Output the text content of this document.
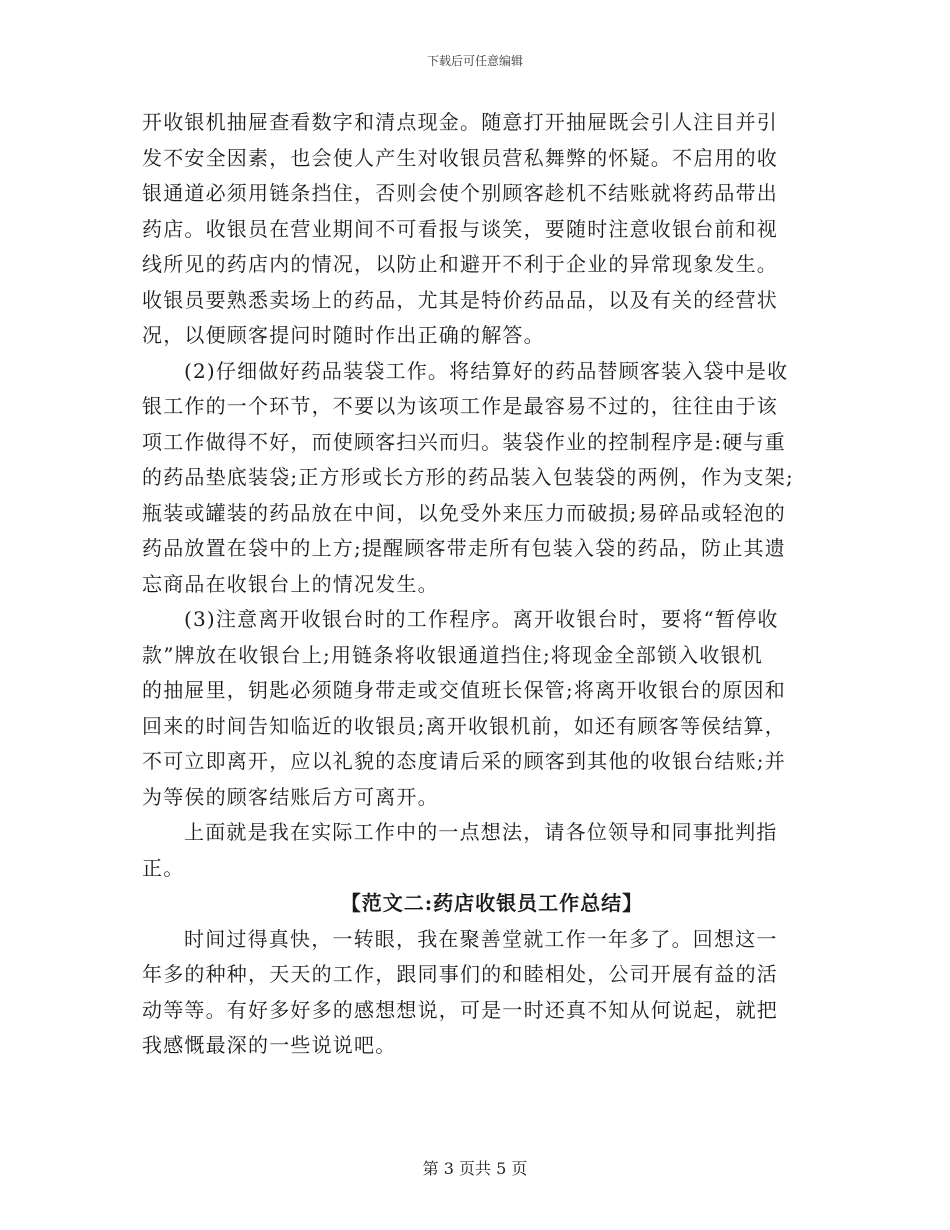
下载后可任意编辑
开收银机抽屉查看数字和清点现金。随意打开抽屉既会引人注目并引
发不安全因素，也会使人产生对收银员营私舞弊的怀疑。不启用的收
银通道必须用链条挡住，否则会使个别顾客趁机不结账就将药品带出
药店。收银员在营业期间不可看报与谈笑，要随时注意收银台前和视
线所见的药店内的情况，以防止和避开不利于企业的异常现象发生。
收银员要熟悉卖场上的药品，尤其是特价药品品，以及有关的经营状
况，以便顾客提问时随时作出正确的解答。
(2)仔细做好药品装袋工作。将结算好的药品替顾客装入袋中是收
银工作的一个环节，不要以为该项工作是最容易不过的，往往由于该
项工作做得不好，而使顾客扫兴而归。装袋作业的控制程序是:硬与重
的药品垫底装袋;正方形或长方形的药品装入包装袋的两例，作为支架;
瓶装或罐装的药品放在中间，以免受外来压力而破损;易碎品或轻泡的
药品放置在袋中的上方;提醒顾客带走所有包装入袋的药品，防止其遗
忘商品在收银台上的情况发生。
(3)注意离开收银台时的工作程序。离开收银台时，要将“暂停收
款”牌放在收银台上;用链条将收银通道挡住;将现金全部锁入收银机
的抽屉里，钥匙必须随身带走或交值班长保管;将离开收银台的原因和
回来的时间告知临近的收银员;离开收银机前，如还有顾客等侯结算，
不可立即离开，应以礼貌的态度请后采的顾客到其他的收银台结账;并
为等侯的顾客结账后方可离开。
上面就是我在实际工作中的一点想法，请各位领导和同事批判指
正。
【范文二:药店收银员工作总结】
时间过得真快，一转眼，我在聚善堂就工作一年多了。回想这一
年多的种种，天天的工作，跟同事们的和睦相处，公司开展有益的活
动等等。有好多好多的感想想说，可是一时还真不知从何说起，就把
我感慨最深的一些说说吧。
第 3 页共 5 页
